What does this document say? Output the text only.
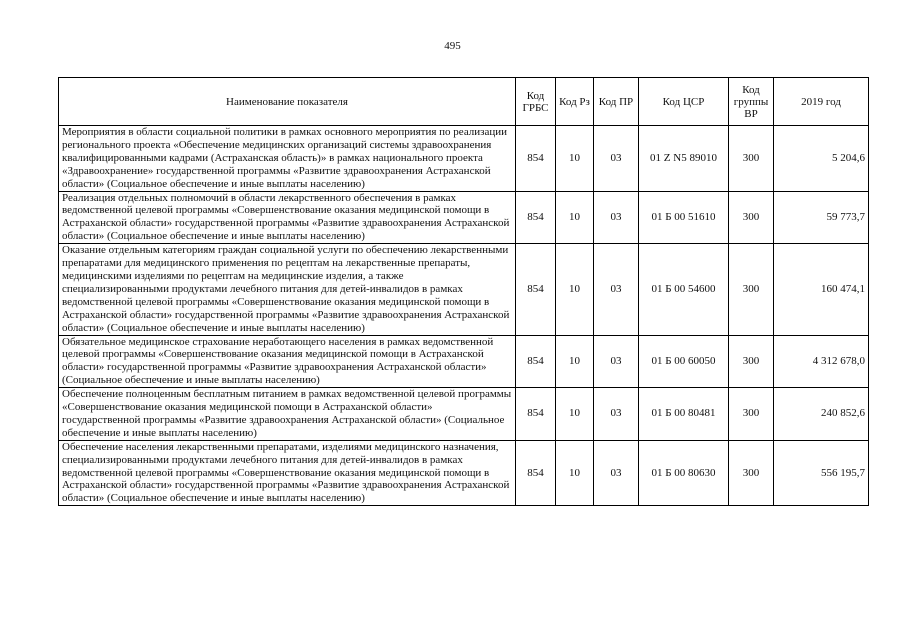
495
Наименование показателя	Код ГРБС	Код Рз	Код ПР	Код ЦСР	Код группы ВР	2019 год
Мероприятия в области социальной политики в рамках основного мероприятия по реализации регионального проекта «Обеспечение медицинских организаций системы здравоохранения квалифицированными кадрами (Астраханская область)» в рамках национального проекта «Здравоохранение» государственной программы «Развитие здравоохранения Астраханской области» (Социальное обеспечение и иные выплаты населению)	854	10	03	01 Z N5 89010	300	5 204,6
Реализация отдельных полномочий в области лекарственного обеспечения в рамках ведомственной целевой программы «Совершенствование оказания медицинской помощи в Астраханской области» государственной программы «Развитие здравоохранения Астраханской области» (Социальное обеспечение и иные выплаты населению)	854	10	03	01 Б 00 51610	300	59 773,7
Оказание отдельным категориям граждан социальной услуги по обеспечению лекарственными препаратами для медицинского применения по рецептам на лекарственные препараты, медицинскими изделиями по рецептам на медицинские изделия, а также специализированными продуктами лечебного питания для детей-инвалидов в рамках ведомственной целевой программы «Совершенствование оказания медицинской помощи в Астраханской области» государственной программы «Развитие здравоохранения Астраханской области» (Социальное обеспечение и иные выплаты населению)	854	10	03	01 Б 00 54600	300	160 474,1
Обязательное медицинское страхование неработающего населения в рамках ведомственной целевой программы «Совершенствование оказания медицинской помощи в Астраханской области» государственной программы «Развитие здравоохранения Астраханской области» (Социальное обеспечение и иные выплаты населению)	854	10	03	01 Б 00 60050	300	4 312 678,0
Обеспечение полноценным бесплатным питанием в рамках ведомственной целевой программы «Совершенствование оказания медицинской помощи в Астраханской области» государственной программы «Развитие здравоохранения Астраханской области» (Социальное обеспечение и иные выплаты населению)	854	10	03	01 Б 00 80481	300	240 852,6
Обеспечение населения лекарственными препаратами, изделиями медицинского назначения, специализированными продуктами лечебного питания для детей-инвалидов в рамках ведомственной целевой программы «Совершенствование оказания медицинской помощи в Астраханской области» государственной программы «Развитие здравоохранения Астраханской области» (Социальное обеспечение и иные выплаты населению)	854	10	03	01 Б 00 80630	300	556 195,7
